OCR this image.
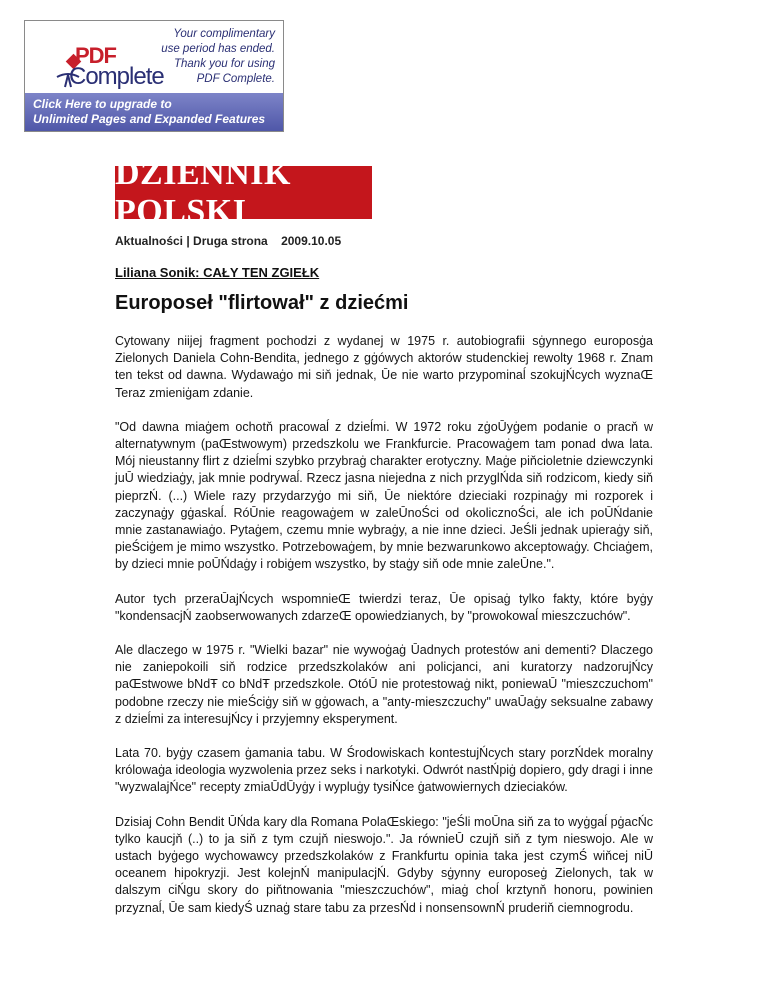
PDF
Complete
Your complimentary
use period has ended.
Thank you for using
PDF Complete.
Click Here to upgrade to
Unlimited Pages and Expanded Features
DZIENNIK POLSKI
Aktualności | Druga strona 2009.10.05
Liliana Sonik: CAŁY TEN ZGIEŁK
Europoseł "flirtował" z dziećmi

Cytowany niĳej fragment pochodzi z wydanej w 1975 r. autobiografii sġynnego europosġa Zielonych Daniela Cohn-Bendita, jednego z gġówych aktorów studenckiej rewolty 1968 r. Znam ten tekst od dawna. Wydawaġo mi siň jednak, Ūe nie warto przypominaĺ szokujŃcych wyznaŒ Teraz zmieniġam zdanie.

"Od dawna miaġem ochotň pracowaĺ z dzieĺmi. W 1972 roku zġoŪyġem podanie o pracň w alternatywnym (paŒstwowym) przedszkolu we Frankfurcie. Pracowaġem tam ponad dwa lata. Mój nieustanny flirt z dzieĺmi szybko przybraġ charakter erotyczny. Maġe piňcioletnie dziewczynki juŪ wiedziaġy, jak mnie podrywaĺ. Rzecz jasna niejedna z nich przyglŃda siň rodzicom, kiedy siň pieprzŃ. (...) Wiele razy przydarzyġo mi siň, Ūe niektóre dzieciaki rozpinaġy mi rozporek i zaczynaġy gġaskaĺ. RóŪnie reagowaġem w zaleŪnoŚci od okolicznoŚci, ale ich poŪŃdanie mnie zastanawiaġo. Pytaġem, czemu mnie wybraġy, a nie inne dzieci. JeŚli jednak upieraġy siň, pieŚciġem je mimo wszystko. Potrzebowaġem, by mnie bezwarunkowo akceptowaġy. Chciaġem, by dzieci mnie poŪŃdaġy i robiġem wszystko, by staġy siň ode mnie zaleŪne.".

Autor tych przeraŪajŃcych wspomnieŒ twierdzi teraz, Ūe opisaġ tylko fakty, które byġy "kondensacjŃ zaobserwowanych zdarzeŒ opowiedzianych, by "prowokowaĺ mieszczuchów".

Ale dlaczego w 1975 r. "Wielki bazar" nie wywoġaġ Ūadnych protestów ani dementi? Dlaczego nie zaniepokoili siň rodzice przedszkolaków ani policjanci, ani kuratorzy nadzorujŃcy paŒstwowe bNdŦ co bNdŦ przedszkole. OtóŪ nie protestowaġ nikt, poniewaŪ "mieszczuchom" podobne rzeczy nie mieŚciġy siň w gġowach, a "anty-mieszczuchy" uwaŪaġy seksualne zabawy z dzieĺmi za interesujŃcy i przyjemny eksperyment.

Lata 70. byġy czasem ġamania tabu. W Środowiskach kontestujŃcych stary porzŃdek moralny królowaġa ideologia wyzwolenia przez seks i narkotyki. Odwrót nastŃpiġ dopiero, gdy dragi i inne "wyzwalajŃce" recepty zmiaŪdŪyġy i wypluġy tysiŃce ġatwowiernych dzieciaków.

Dzisiaj Cohn Bendit ŪŃda kary dla Romana PolaŒskiego: "jeŚli moŪna siň za to wyġgaĺ pġacŃc tylko kaucjň (..) to ja siň z tym czujň nieswojo.". Ja równieŪ czujň siň z tym nieswojo. Ale w ustach byġego wychowawcy przedszkolaków z Frankfurtu opinia taka jest czymŚ wiňcej niŪ oceanem hipokryzji. Jest kolejnŃ manipulacjŃ. Gdyby sġynny europoseġ Zielonych, tak w dalszym ciŃgu skory do piňtnowania "mieszczuchów", miaġ choĺ krztynň honoru, powinien przyznaĺ, Ūe sam kiedyŚ uznaġ stare tabu za przesŃd i nonsensownŃ pruderiň ciemnogrodu.
